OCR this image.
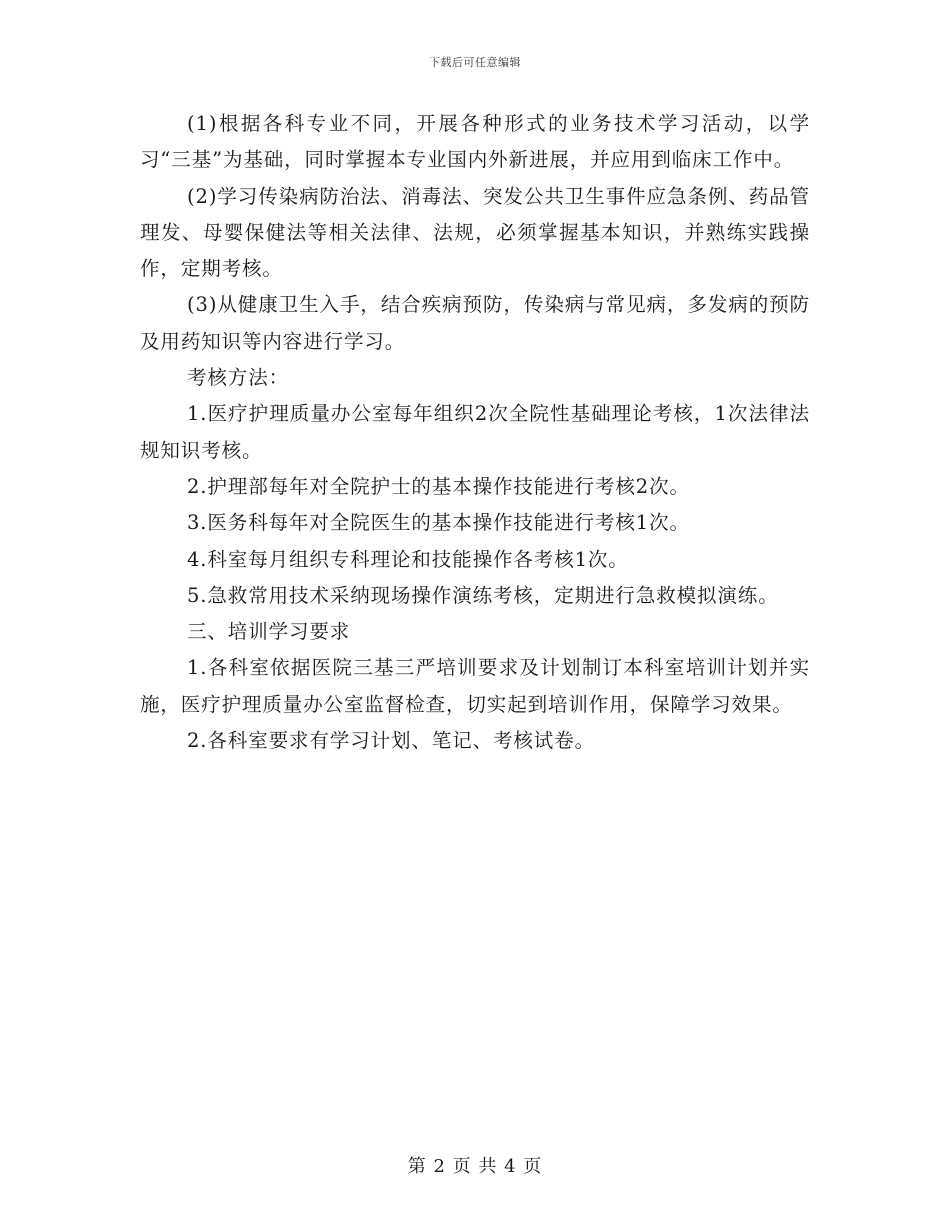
下载后可任意编辑

(1)根据各科专业不同，开展各种形式的业务技术学习活动，以学习“三基”为基础，同时掌握本专业国内外新进展，并应用到临床工作中。

(2)学习传染病防治法、消毒法、突发公共卫生事件应急条例、药品管理发、母婴保健法等相关法律、法规，必须掌握基本知识，并熟练实践操作，定期考核。

(3)从健康卫生入手，结合疾病预防，传染病与常见病，多发病的预防及用药知识等内容进行学习。

考核方法：

1.医疗护理质量办公室每年组织2次全院性基础理论考核，1次法律法规知识考核。

2.护理部每年对全院护士的基本操作技能进行考核2次。

3.医务科每年对全院医生的基本操作技能进行考核1次。

4.科室每月组织专科理论和技能操作各考核1次。

5.急救常用技术采纳现场操作演练考核，定期进行急救模拟演练。

三、培训学习要求

1.各科室依据医院三基三严培训要求及计划制订本科室培训计划并实施，医疗护理质量办公室监督检查，切实起到培训作用，保障学习效果。

2.各科室要求有学习计划、笔记、考核试卷。

第 2 页 共 4 页
